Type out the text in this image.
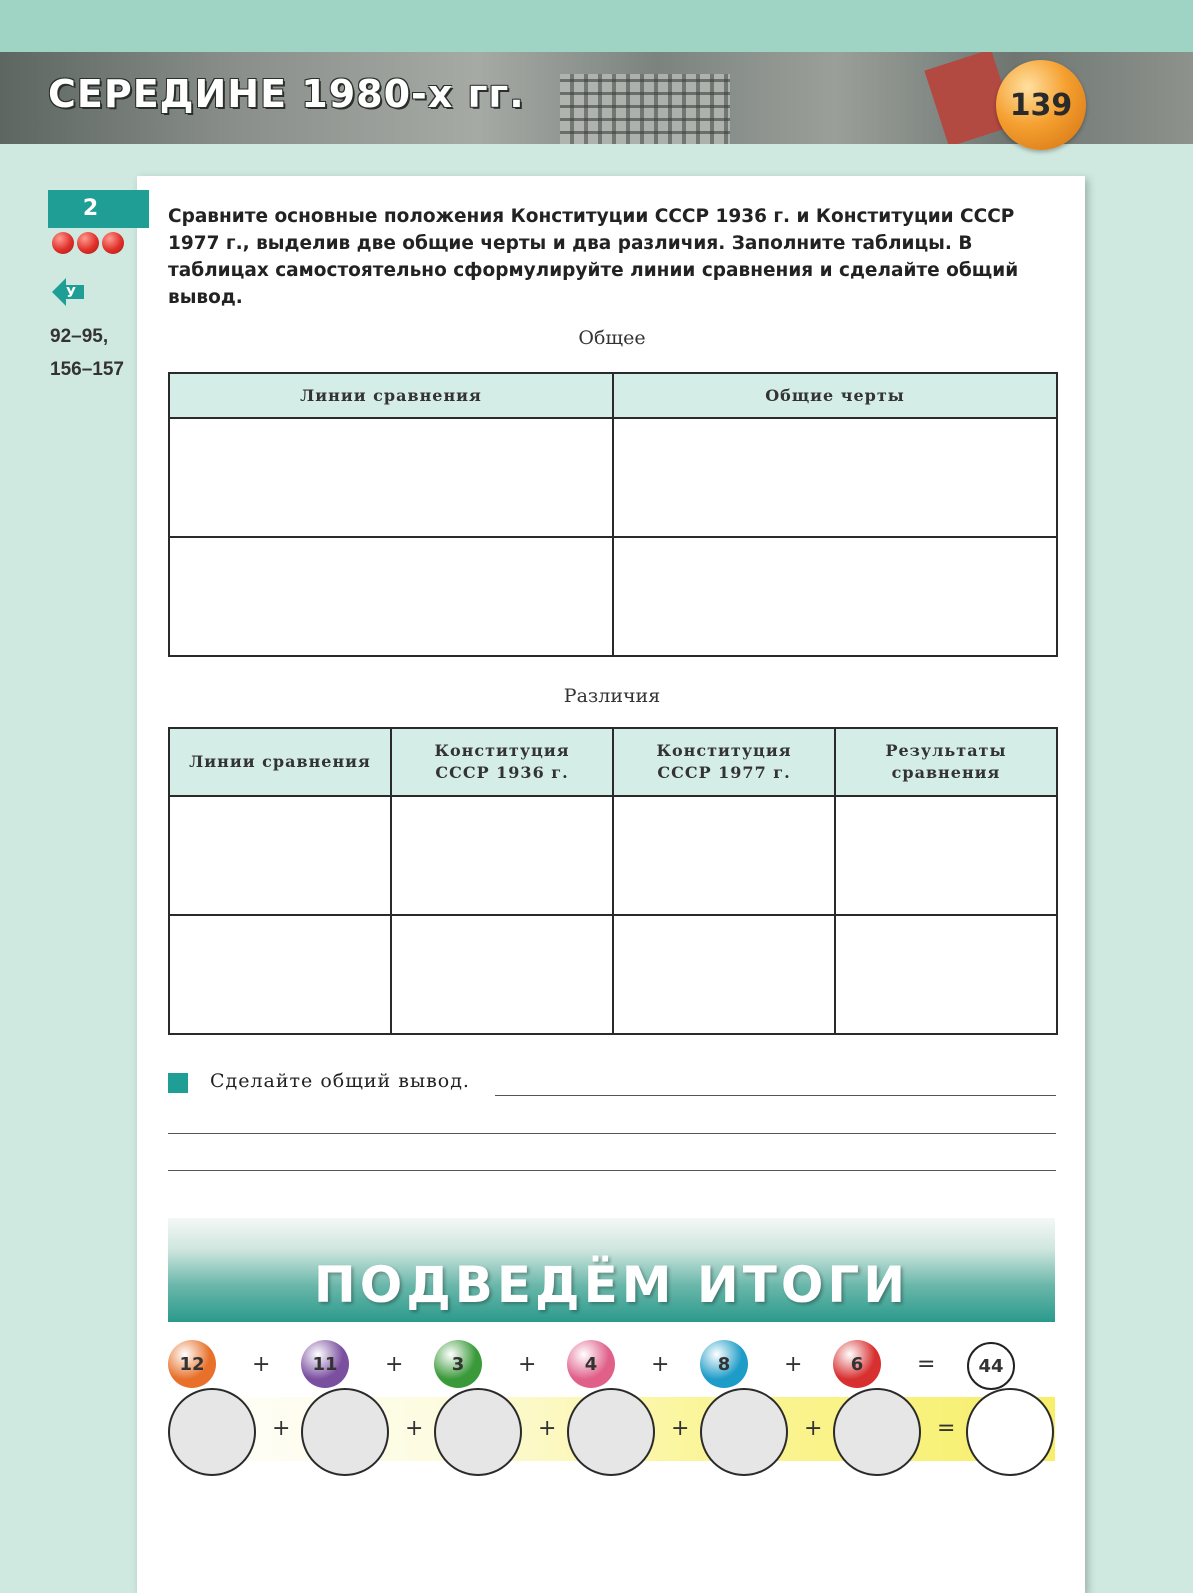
СЕРЕДИНЕ 1980-х гг.	139
2
У
92–95,
156–157
Сравните основные положения Конституции СССР 1936 г. и Конституции СССР 1977 г., выделив две общие черты и два различия. Заполните таблицы. В таблицах самостоятельно сформулируйте линии сравнения и сделайте общий вывод.
Общее
Линии сравнения	Общие черты

Различия
Линии сравнения	Конституция СССР 1936 г.	Конституция СССР 1977 г.	Результаты сравнения

Сделайте общий вывод.
ПОДВЕДЁМ ИТОГИ
12	+
+
11	+
+
3	+
+
4	+
+
8	+
+
6	=
=
44
